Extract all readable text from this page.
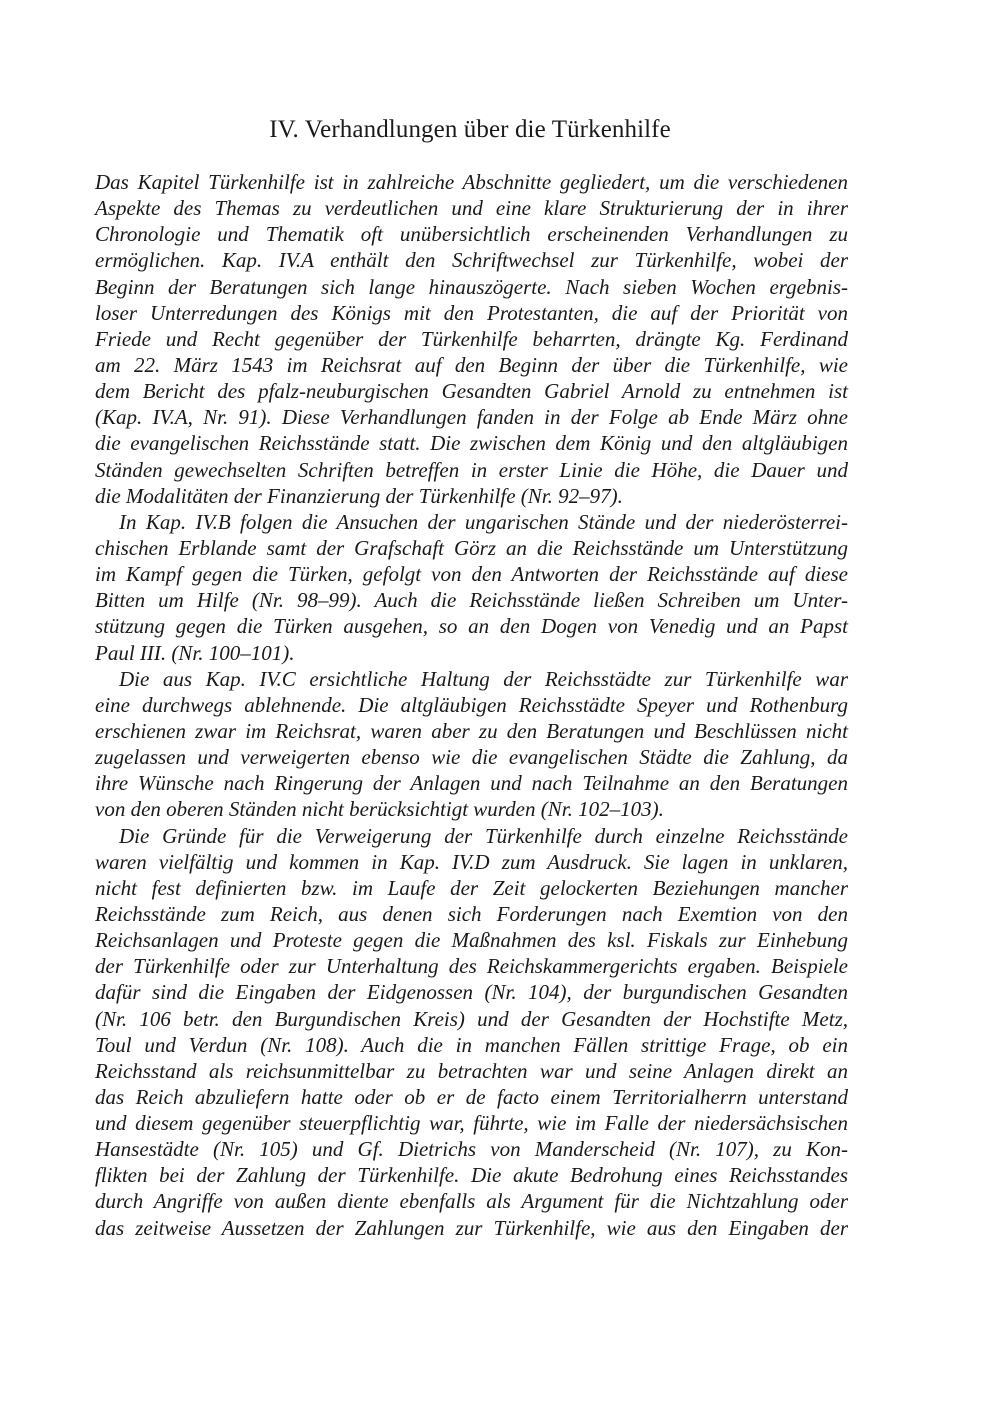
IV. Verhandlungen über die Türkenhilfe
Das Kapitel Türkenhilfe ist in zahlreiche Abschnitte gegliedert, um die verschiedenen
Aspekte des Themas zu verdeutlichen und eine klare Strukturierung der in ihrer
Chronologie und Thematik oft unübersichtlich erscheinenden Verhandlungen zu
ermöglichen. Kap. IV.A enthält den Schriftwechsel zur Türkenhilfe, wobei der
Beginn der Beratungen sich lange hinauszögerte. Nach sieben Wochen ergebnis-
loser Unterredungen des Königs mit den Protestanten, die auf der Priorität von
Friede und Recht gegenüber der Türkenhilfe beharrten, drängte Kg. Ferdinand
am 22. März 1543 im Reichsrat auf den Beginn der über die Türkenhilfe, wie
dem Bericht des pfalz-neuburgischen Gesandten Gabriel Arnold zu entnehmen ist
(Kap. IV.A, Nr. 91). Diese Verhandlungen fanden in der Folge ab Ende März ohne
die evangelischen Reichsstände statt. Die zwischen dem König und den altgläubigen
Ständen gewechselten Schriften betreffen in erster Linie die Höhe, die Dauer und
die Modalitäten der Finanzierung der Türkenhilfe (Nr. 92–97).
In Kap. IV.B folgen die Ansuchen der ungarischen Stände und der niederösterrei-
chischen Erblande samt der Grafschaft Görz an die Reichsstände um Unterstützung
im Kampf gegen die Türken, gefolgt von den Antworten der Reichsstände auf diese
Bitten um Hilfe (Nr. 98–99). Auch die Reichsstände ließen Schreiben um Unter-
stützung gegen die Türken ausgehen, so an den Dogen von Venedig und an Papst
Paul III. (Nr. 100–101).
Die aus Kap. IV.C ersichtliche Haltung der Reichsstädte zur Türkenhilfe war
eine durchwegs ablehnende. Die altgläubigen Reichsstädte Speyer und Rothenburg
erschienen zwar im Reichsrat, waren aber zu den Beratungen und Beschlüssen nicht
zugelassen und verweigerten ebenso wie die evangelischen Städte die Zahlung, da
ihre Wünsche nach Ringerung der Anlagen und nach Teilnahme an den Beratungen
von den oberen Ständen nicht berücksichtigt wurden (Nr. 102–103).
Die Gründe für die Verweigerung der Türkenhilfe durch einzelne Reichsstände
waren vielfältig und kommen in Kap. IV.D zum Ausdruck. Sie lagen in unklaren,
nicht fest definierten bzw. im Laufe der Zeit gelockerten Beziehungen mancher
Reichsstände zum Reich, aus denen sich Forderungen nach Exemtion von den
Reichsanlagen und Proteste gegen die Maßnahmen des ksl. Fiskals zur Einhebung
der Türkenhilfe oder zur Unterhaltung des Reichskammergerichts ergaben. Beispiele
dafür sind die Eingaben der Eidgenossen (Nr. 104), der burgundischen Gesandten
(Nr. 106 betr. den Burgundischen Kreis) und der Gesandten der Hochstifte Metz,
Toul und Verdun (Nr. 108). Auch die in manchen Fällen strittige Frage, ob ein
Reichsstand als reichsunmittelbar zu betrachten war und seine Anlagen direkt an
das Reich abzuliefern hatte oder ob er de facto einem Territorialherrn unterstand
und diesem gegenüber steuerpflichtig war, führte, wie im Falle der niedersächsischen
Hansestädte (Nr. 105) und Gf. Dietrichs von Manderscheid (Nr. 107), zu Kon-
flikten bei der Zahlung der Türkenhilfe. Die akute Bedrohung eines Reichsstandes
durch Angriffe von außen diente ebenfalls als Argument für die Nichtzahlung oder
das zeitweise Aussetzen der Zahlungen zur Türkenhilfe, wie aus den Eingaben der
